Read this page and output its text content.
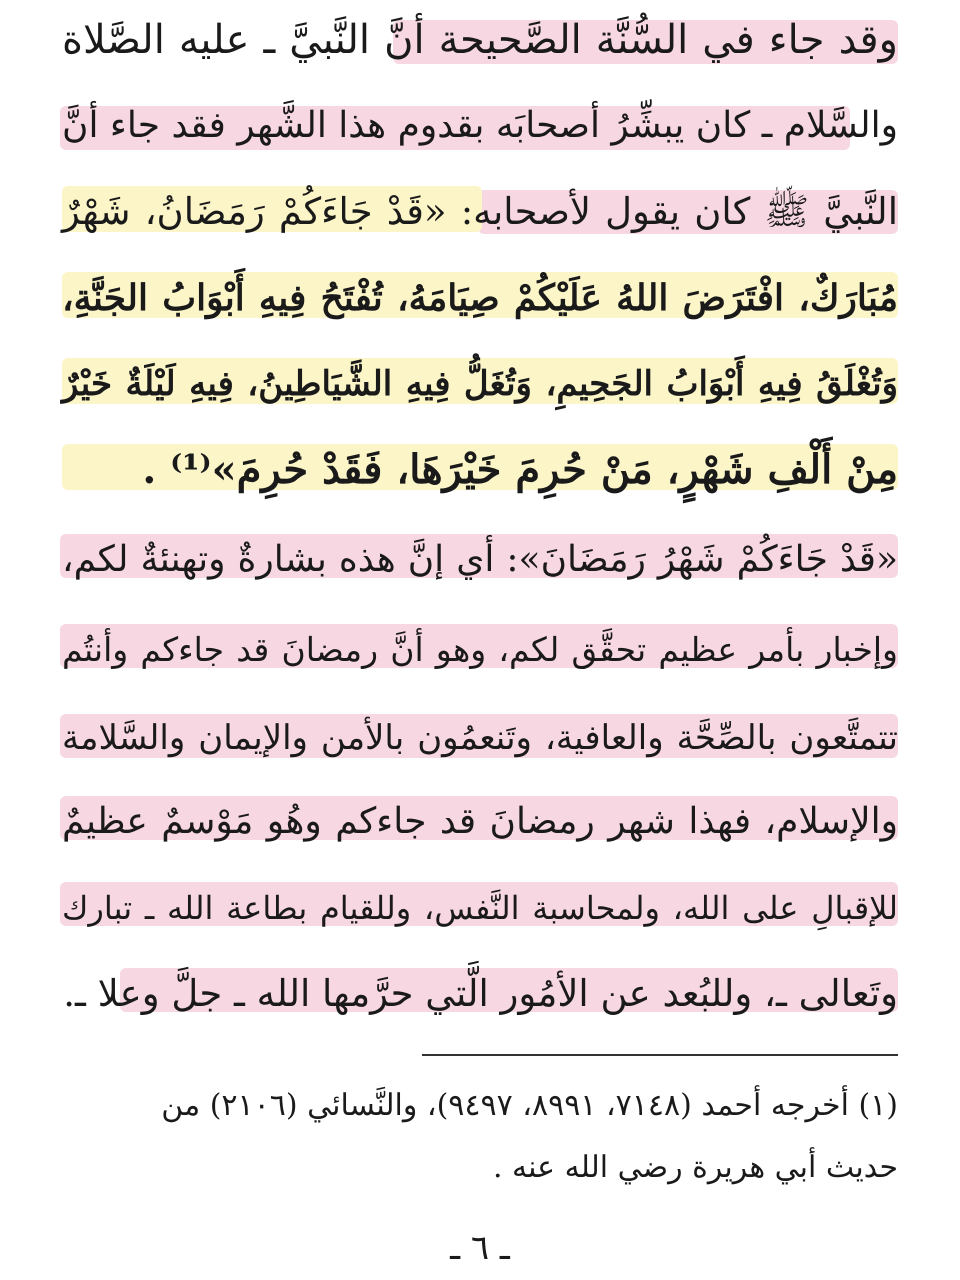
وقد جاء في السُّنَّة الصَّحيحة أنَّ النَّبيَّ ـ عليه الصَّلاة
والسَّلام ـ كان يبشِّرُ أصحابَه بقدوم هذا الشَّهر فقد جاء أنَّ
النَّبيَّ ﷺ كان يقول لأصحابه: «قَدْ جَاءَكُمْ رَمَضَانُ، شَهْرٌ
مُبَارَكٌ، افْتَرَضَ اللهُ عَلَيْكُمْ صِيَامَهُ، تُفْتَحُ فِيهِ أَبْوَابُ الجَنَّةِ،
وَتُغْلَقُ فِيهِ أَبْوَابُ الجَحِيمِ، وَتُغَلُّ فِيهِ الشَّيَاطِينُ، فِيهِ لَيْلَةٌ خَيْرٌ
مِنْ أَلْفِ شَهْرٍ، مَنْ حُرِمَ خَيْرَهَا، فَقَدْ حُرِمَ»⁽¹⁾ .
«قَدْ جَاءَكُمْ شَهْرُ رَمَضَانَ»: أي إنَّ هذه بشارةٌ وتهنئةٌ لكم،
وإخبار بأمر عظيم تحقَّق لكم، وهو أنَّ رمضانَ قد جاءكم وأنتُم
تتمتَّعون بالصِّحَّة والعافية، وتَنعمُون بالأمن والإيمان والسَّلامة
والإسلام، فهذا شهر رمضانَ قد جاءكم وهُو مَوْسمٌ عظيمٌ
للإقبالِ على الله، ولمحاسبة النَّفس، وللقيام بطاعة الله ـ تبارك
وتَعالى ـ، وللبُعد عن الأمُور الَّتي حرَّمها الله ـ جلَّ وعلا ـ.
(١) أخرجه أحمد (٧١٤٨، ٨٩٩١، ٩٤٩٧)، والنَّسائي (٢١٠٦) من
حديث أبي هريرة رضي الله عنه .
ـ ٦ ـ
